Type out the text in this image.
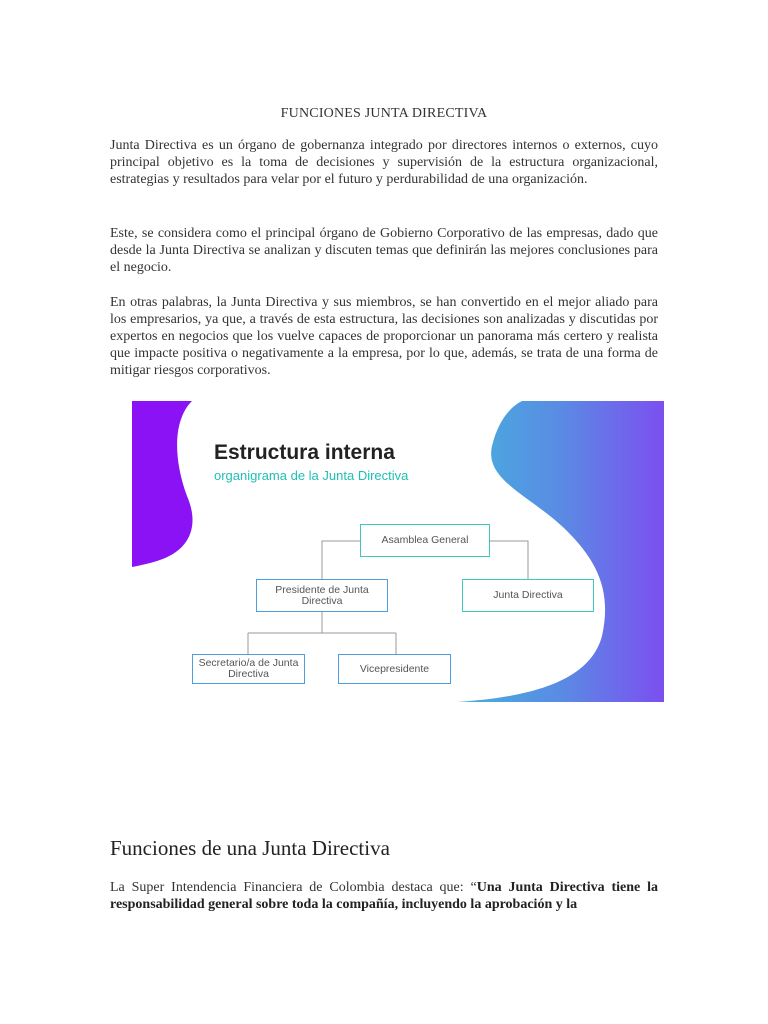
FUNCIONES JUNTA DIRECTIVA

Junta Directiva es un órgano de gobernanza integrado por directores internos o externos, cuyo principal objetivo es la toma de decisiones y supervisión de la estructura organizacional, estrategias y resultados para velar por el futuro y perdurabilidad de una organización.

Este, se considera como el principal órgano de Gobierno Corporativo de las empresas, dado que desde la Junta Directiva se analizan y discuten temas que definirán las mejores conclusiones para el negocio.

En otras palabras, la Junta Directiva y sus miembros, se han convertido en el mejor aliado para los empresarios, ya que, a través de esta estructura, las decisiones son analizadas y discutidas por expertos en negocios que los vuelve capaces de proporcionar un panorama más certero y realista que impacte positiva o negativamente a la empresa, por lo que, además, se trata de una forma de mitigar riesgos corporativos.

Estructura interna
organigrama de la Junta Directiva
Asamblea General
Presidente de Junta Directiva	Junta Directiva
Secretario/a de Junta Directiva	Vicepresidente
Funciones de una Junta Directiva

La Super Intendencia Financiera de Colombia destaca que: “Una Junta Directiva tiene la responsabilidad general sobre toda la compañía, incluyendo la aprobación y la
